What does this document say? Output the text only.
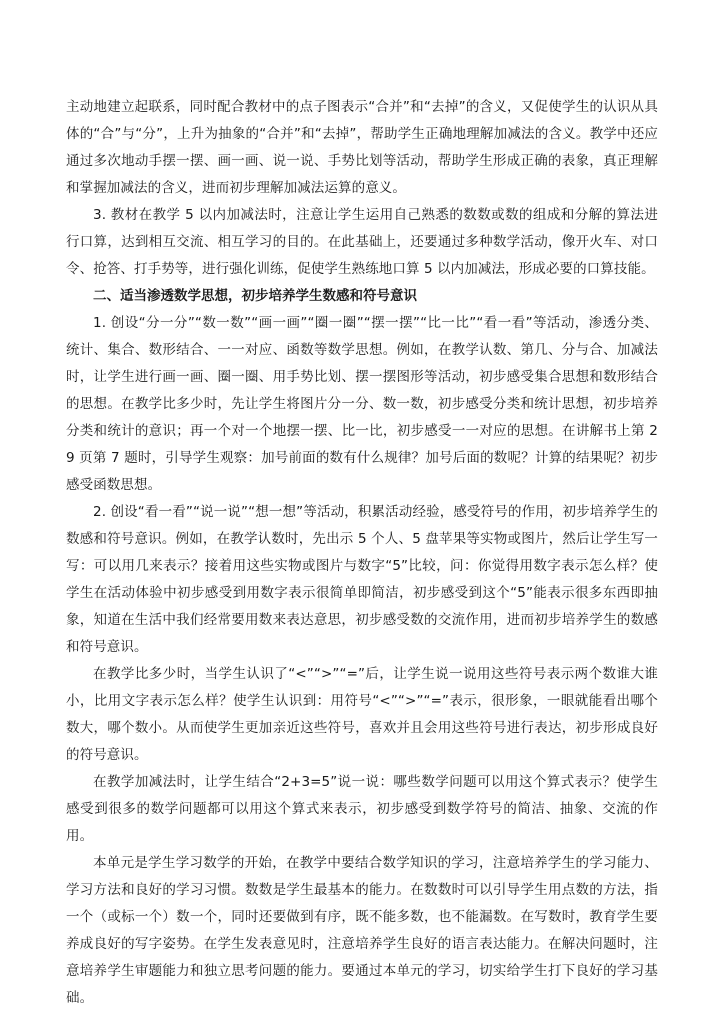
主动地建立起联系，同时配合教材中的点子图表示“合并”和“去掉”的含义，又促使学生的认识从具体的“合”与“分”，上升为抽象的“合并”和“去掉”，帮助学生正确地理解加减法的含义。教学中还应通过多次地动手摆一摆、画一画、说一说、手势比划等活动，帮助学生形成正确的表象，真正理解和掌握加减法的含义，进而初步理解加减法运算的意义。

3. 教材在教学 5 以内加减法时，注意让学生运用自己熟悉的数数或数的组成和分解的算法进行口算，达到相互交流、相互学习的目的。在此基础上，还要通过多种数学活动，像开火车、对口令、抢答、打手势等，进行强化训练，促使学生熟练地口算 5 以内加减法，形成必要的口算技能。

二、适当渗透数学思想，初步培养学生数感和符号意识

1. 创设“分一分”“数一数”“画一画”“圈一圈”“摆一摆”“比一比”“看一看”等活动，渗透分类、统计、集合、数形结合、一一对应、函数等数学思想。例如，在教学认数、第几、分与合、加减法时，让学生进行画一画、圈一圈、用手势比划、摆一摆图形等活动，初步感受集合思想和数形结合的思想。在教学比多少时，先让学生将图片分一分、数一数，初步感受分类和统计思想，初步培养分类和统计的意识；再一个对一个地摆一摆、比一比，初步感受一一对应的思想。在讲解书上第 29 页第 7 题时，引导学生观察：加号前面的数有什么规律？加号后面的数呢？计算的结果呢？初步感受函数思想。

2. 创设“看一看”“说一说”“想一想”等活动，积累活动经验，感受符号的作用，初步培养学生的数感和符号意识。例如，在教学认数时，先出示 5 个人、5 盘苹果等实物或图片，然后让学生写一写：可以用几来表示？接着用这些实物或图片与数字“5”比较，问：你觉得用数字表示怎么样？使学生在活动体验中初步感受到用数字表示很简单即简洁，初步感受到这个“5”能表示很多东西即抽象，知道在生活中我们经常要用数来表达意思，初步感受数的交流作用，进而初步培养学生的数感和符号意识。

在教学比多少时，当学生认识了“<”“>”“=”后，让学生说一说用这些符号表示两个数谁大谁小，比用文字表示怎么样？使学生认识到：用符号“<”“>”“=”表示，很形象，一眼就能看出哪个数大，哪个数小。从而使学生更加亲近这些符号，喜欢并且会用这些符号进行表达，初步形成良好的符号意识。

在教学加减法时，让学生结合“2+3=5”说一说：哪些数学问题可以用这个算式表示？使学生感受到很多的数学问题都可以用这个算式来表示，初步感受到数学符号的简洁、抽象、交流的作用。

本单元是学生学习数学的开始，在教学中要结合数学知识的学习，注意培养学生的学习能力、学习方法和良好的学习习惯。数数是学生最基本的能力。在数数时可以引导学生用点数的方法，指一个（或标一个）数一个，同时还要做到有序，既不能多数，也不能漏数。在写数时，教育学生要养成良好的写字姿势。在学生发表意见时，注意培养学生良好的语言表达能力。在解决问题时，注意培养学生审题能力和独立思考问题的能力。要通过本单元的学习，切实给学生打下良好的学习基础。
